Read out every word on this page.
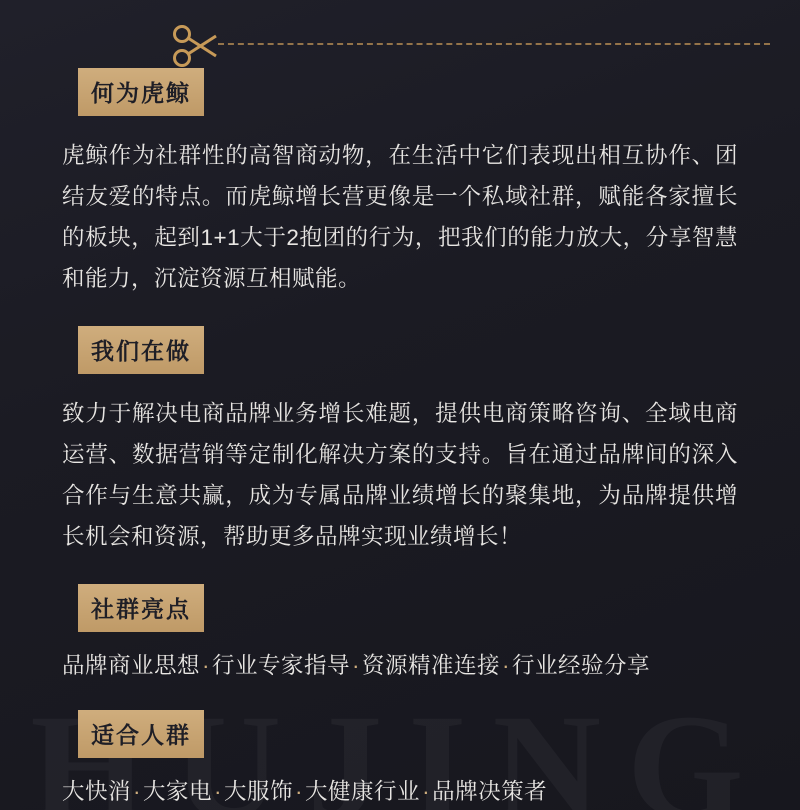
何为虎鲸
虎鲸作为社群性的高智商动物，在生活中它们表现出相互协作、团结友爱的特点。而虎鲸增长营更像是一个私域社群，赋能各家擅长的板块，起到1+1大于2抱团的行为，把我们的能力放大，分享智慧和能力，沉淀资源互相赋能。
我们在做
致力于解决电商品牌业务增长难题，提供电商策略咨询、全域电商运营、数据营销等定制化解决方案的支持。旨在通过品牌间的深入合作与生意共赢，成为专属品牌业绩增长的聚集地，为品牌提供增长机会和资源，帮助更多品牌实现业绩增长！
社群亮点
品牌商业思想·行业专家指导·资源精准连接·行业经验分享
适合人群
大快消·大家电·大服饰·大健康行业·品牌决策者
